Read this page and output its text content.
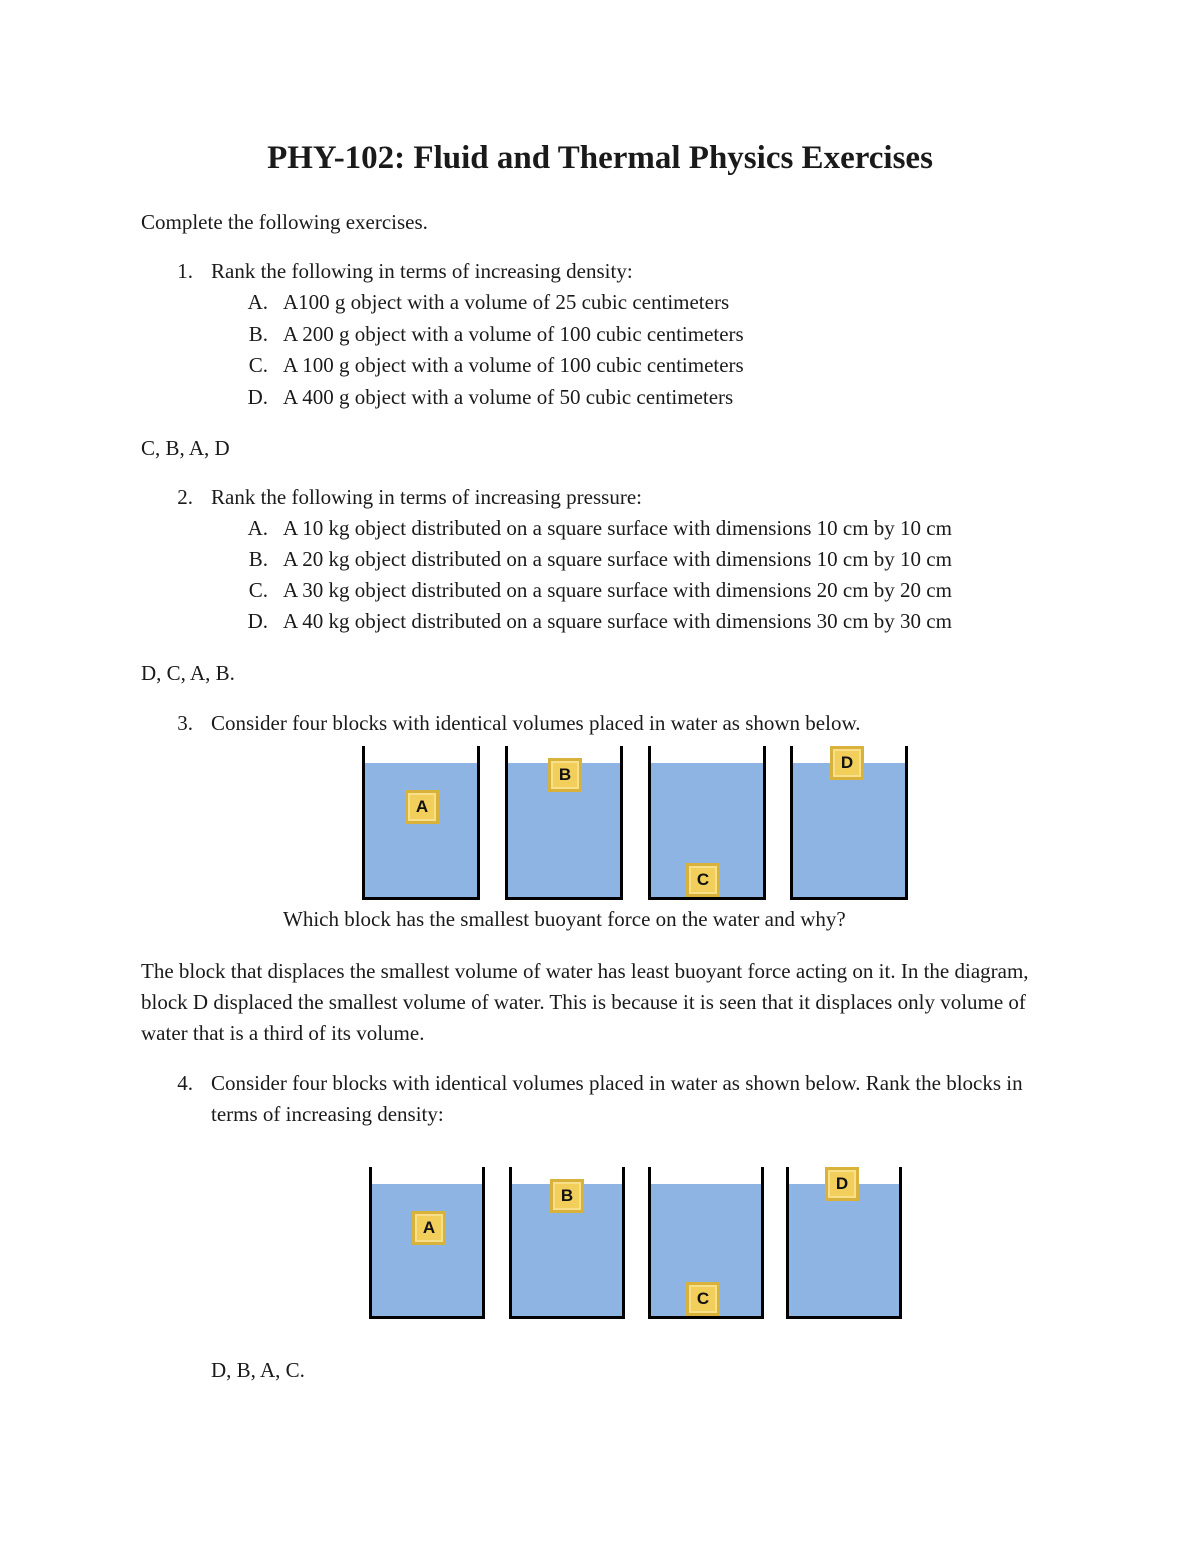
PHY-102: Fluid and Thermal Physics Exercises
Complete the following exercises.
1. Rank the following in terms of increasing density:
A. A100 g object with a volume of 25 cubic centimeters
B. A 200 g object with a volume of 100 cubic centimeters
C. A 100 g object with a volume of 100 cubic centimeters
D. A 400 g object with a volume of 50 cubic centimeters
C, B, A, D
2. Rank the following in terms of increasing pressure:
A. A 10 kg object distributed on a square surface with dimensions 10 cm by 10 cm
B. A 20 kg object distributed on a square surface with dimensions 10 cm by 10 cm
C. A 30 kg object distributed on a square surface with dimensions 20 cm by 20 cm
D. A 40 kg object distributed on a square surface with dimensions 30 cm by 30 cm
D, C, A, B.
3. Consider four blocks with identical volumes placed in water as shown below.
A
B
C
D
Which block has the smallest buoyant force on the water and why?
The block that displaces the smallest volume of water has least buoyant force acting on it. In the diagram, block D displaced the smallest volume of water. This is because it is seen that it displaces only volume of water that is a third of its volume.
4. Consider four blocks with identical volumes placed in water as shown below. Rank the blocks in terms of increasing density:
A
B
C
D
D, B, A, C.
